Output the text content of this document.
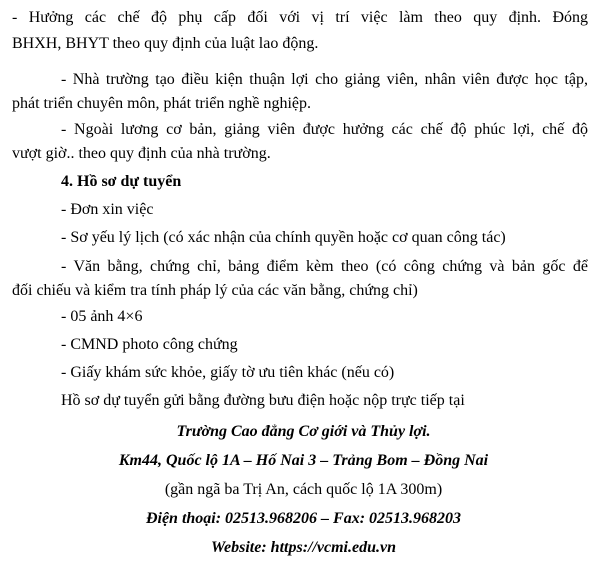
- Hưởng các chế độ phụ cấp đối với vị trí việc làm theo quy định. Đóng
BHXH, BHYT theo quy định của luật lao động.
- Nhà trường tạo điều kiện thuận lợi cho giảng viên, nhân viên được học tập,
phát triển chuyên môn, phát triển nghề nghiệp.
- Ngoài lương cơ bản, giảng viên được hưởng các chế độ phúc lợi, chế độ
vượt giờ.. theo quy định của nhà trường.
4. Hồ sơ dự tuyển
- Đơn xin việc
- Sơ yếu lý lịch (có xác nhận của chính quyền hoặc cơ quan công tác)
- Văn bằng, chứng chỉ, bảng điểm kèm theo (có công chứng và bản gốc để
đối chiếu và kiểm tra tính pháp lý của các văn bằng, chứng chỉ)
- 05 ảnh 4×6
- CMND photo công chứng
- Giấy khám sức khỏe, giấy tờ ưu tiên khác (nếu có)
Hồ sơ dự tuyển gửi bằng đường bưu điện hoặc nộp trực tiếp tại
Trường Cao đẳng Cơ giới và Thủy lợi.
Km44, Quốc lộ 1A – Hố Nai 3 – Trảng Bom – Đồng Nai
(gần ngã ba Trị An, cách quốc lộ 1A 300m)
Điện thoại: 02513.968206 – Fax: 02513.968203
Website: https://vcmi.edu.vn
